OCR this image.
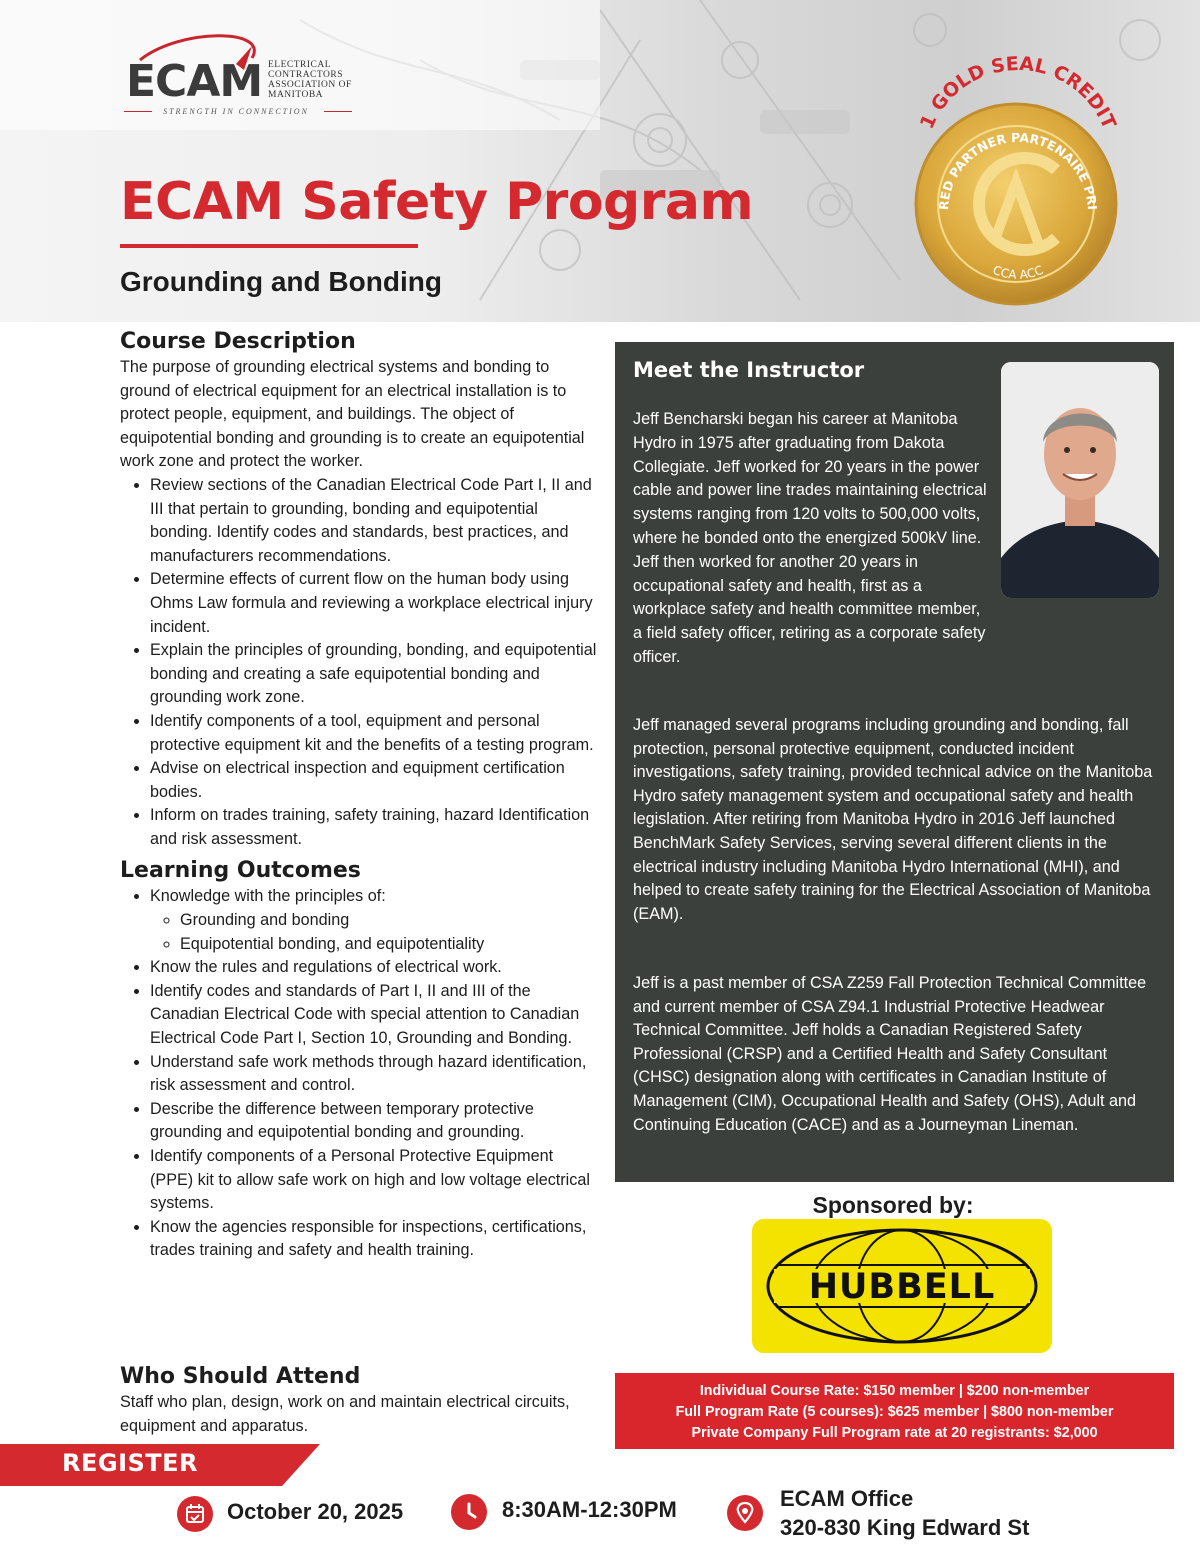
ECAM ELECTRICAL
CONTRACTORS
ASSOCIATION OF
MANITOBA
STRENGTH IN CONNECTION
ECAM Safety Program
Grounding and Bonding
1 GOLD SEAL CREDIT
RED PARTNER PARTENAIRE PRI
CCA ACC
Course Description

The purpose of grounding electrical systems and bonding to ground of electrical equipment for an electrical installation is to protect people, equipment, and buildings. The object of equipotential bonding and grounding is to create an equipotential work zone and protect the worker.

• Review sections of the Canadian Electrical Code Part I, II and III that pertain to grounding, bonding and equipotential bonding. Identify codes and standards, best practices, and manufacturers recommendations.
• Determine effects of current flow on the human body using Ohms Law formula and reviewing a workplace electrical injury incident.
• Explain the principles of grounding, bonding, and equipotential bonding and creating a safe equipotential bonding and grounding work zone.
• Identify components of a tool, equipment and personal protective equipment kit and the benefits of a testing program.
• Advise on electrical inspection and equipment certification bodies.
• Inform on trades training, safety training, hazard Identification and risk assessment.
Learning Outcomes
• Knowledge with the principles of:
◦ Grounding and bonding
◦ Equipotential bonding, and equipotentiality
• Know the rules and regulations of electrical work.
• Identify codes and standards of Part I, II and III of the Canadian Electrical Code with special attention to Canadian Electrical Code Part I, Section 10, Grounding and Bonding.
• Understand safe work methods through hazard identification, risk assessment and control.
• Describe the difference between temporary protective grounding and equipotential bonding and grounding.
• Identify components of a Personal Protective Equipment (PPE) kit to allow safe work on high and low voltage electrical systems.
• Know the agencies responsible for inspections, certifications, trades training and safety and health training.
Who Should Attend

Staff who plan, design, work on and maintain electrical circuits, equipment and apparatus.

Meet the Instructor

Jeff Bencharski began his career at Manitoba Hydro in 1975 after graduating from Dakota Collegiate. Jeff worked for 20 years in the power cable and power line trades maintaining electrical systems ranging from 120 volts to 500,000 volts, where he bonded onto the energized 500kV line. Jeff then worked for another 20 years in occupational safety and health, first as a workplace safety and health committee member, a field safety officer, retiring as a corporate safety officer.

Jeff managed several programs including grounding and bonding, fall protection, personal protective equipment, conducted incident investigations, safety training, provided technical advice on the Manitoba Hydro safety management system and occupational safety and health legislation. After retiring from Manitoba Hydro in 2016 Jeff launched BenchMark Safety Services, serving several different clients in the electrical industry including Manitoba Hydro International (MHI), and helped to create safety training for the Electrical Association of Manitoba (EAM).

Jeff is a past member of CSA Z259 Fall Protection Technical Committee and current member of CSA Z94.1 Industrial Protective Headwear Technical Committee. Jeff holds a Canadian Registered Safety Professional (CRSP) and a Certified Health and Safety Consultant (CHSC) designation along with certificates in Canadian Institute of Management (CIM), Occupational Health and Safety (OHS), Adult and Continuing Education (CACE) and as a Journeyman Lineman.

Sponsored by:

HUBBELL
Individual Course Rate: $150 member | $200 non-member
Full Program Rate (5 courses): $625 member | $800 non-member
Private Company Full Program rate at 20 registrants: $2,000
REGISTER

October 20, 2025	8:30AM-12:30PM	ECAM Office

320-830 King Edward St
